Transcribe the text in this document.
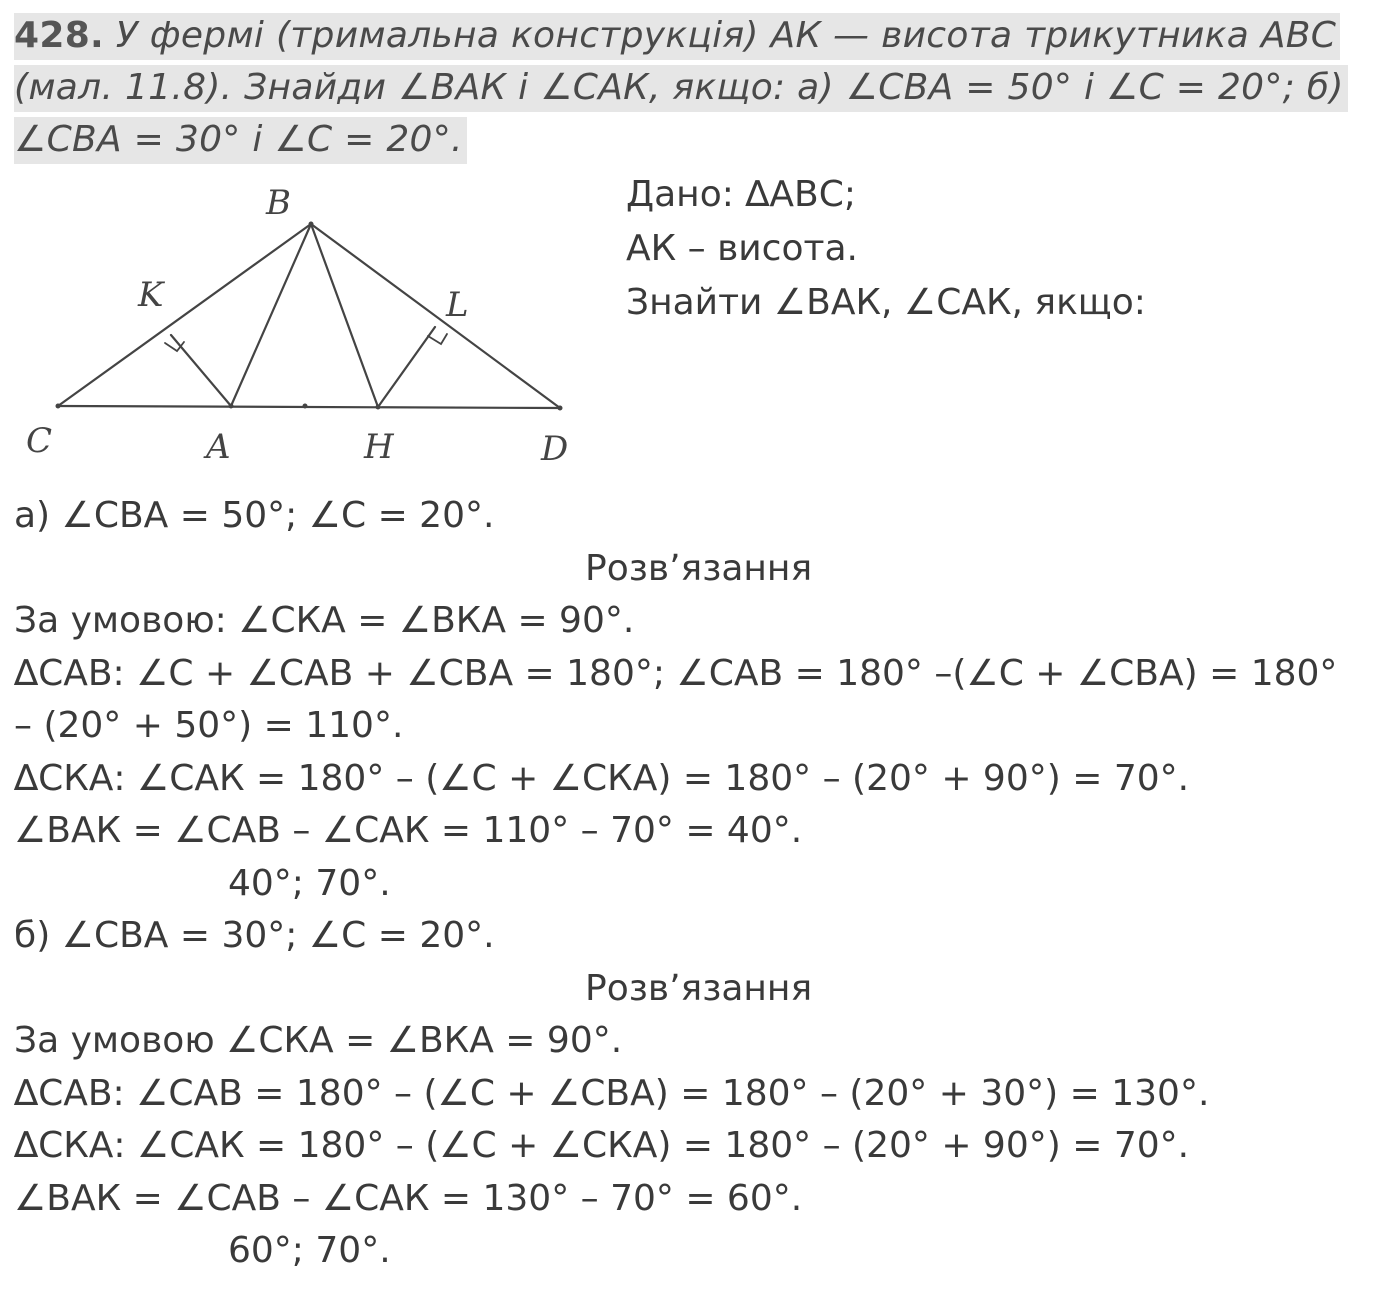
428. У фермі (тримальна конструкція) АК — висота трикутника АВС
(мал. 11.8). Знайди ∠ВАК і ∠САК, якщо: а) ∠СВА = 50° і ∠С = 20°; б)
∠СВА = 30° і ∠С = 20°.
B
K	L
C	A	H	D
Дано: ∆АВС;
АК – висота.
Знайти ∠ВАК, ∠САК, якщо:
а) ∠СВА = 50°; ∠С = 20°.
Розв’язання
За умовою: ∠СКА = ∠ВКА = 90°.
∆САВ: ∠С + ∠САВ + ∠СВА = 180°; ∠САВ = 180° –(∠С + ∠СВА) = 180°
– (20° + 50°) = 110°.
∆СКА: ∠САК = 180° – (∠С + ∠СКА) = 180° – (20° + 90°) = 70°.
∠ВАК = ∠САВ – ∠САК = 110° – 70° = 40°.
40°; 70°.
б) ∠СВА = 30°; ∠С = 20°.
Розв’язання
За умовою ∠СКА = ∠ВКА = 90°.
∆САВ: ∠САВ = 180° – (∠С + ∠СВА) = 180° – (20° + 30°) = 130°.
∆СКА: ∠САК = 180° – (∠С + ∠СКА) = 180° – (20° + 90°) = 70°.
∠ВАК = ∠САВ – ∠САК = 130° – 70° = 60°.
60°; 70°.
